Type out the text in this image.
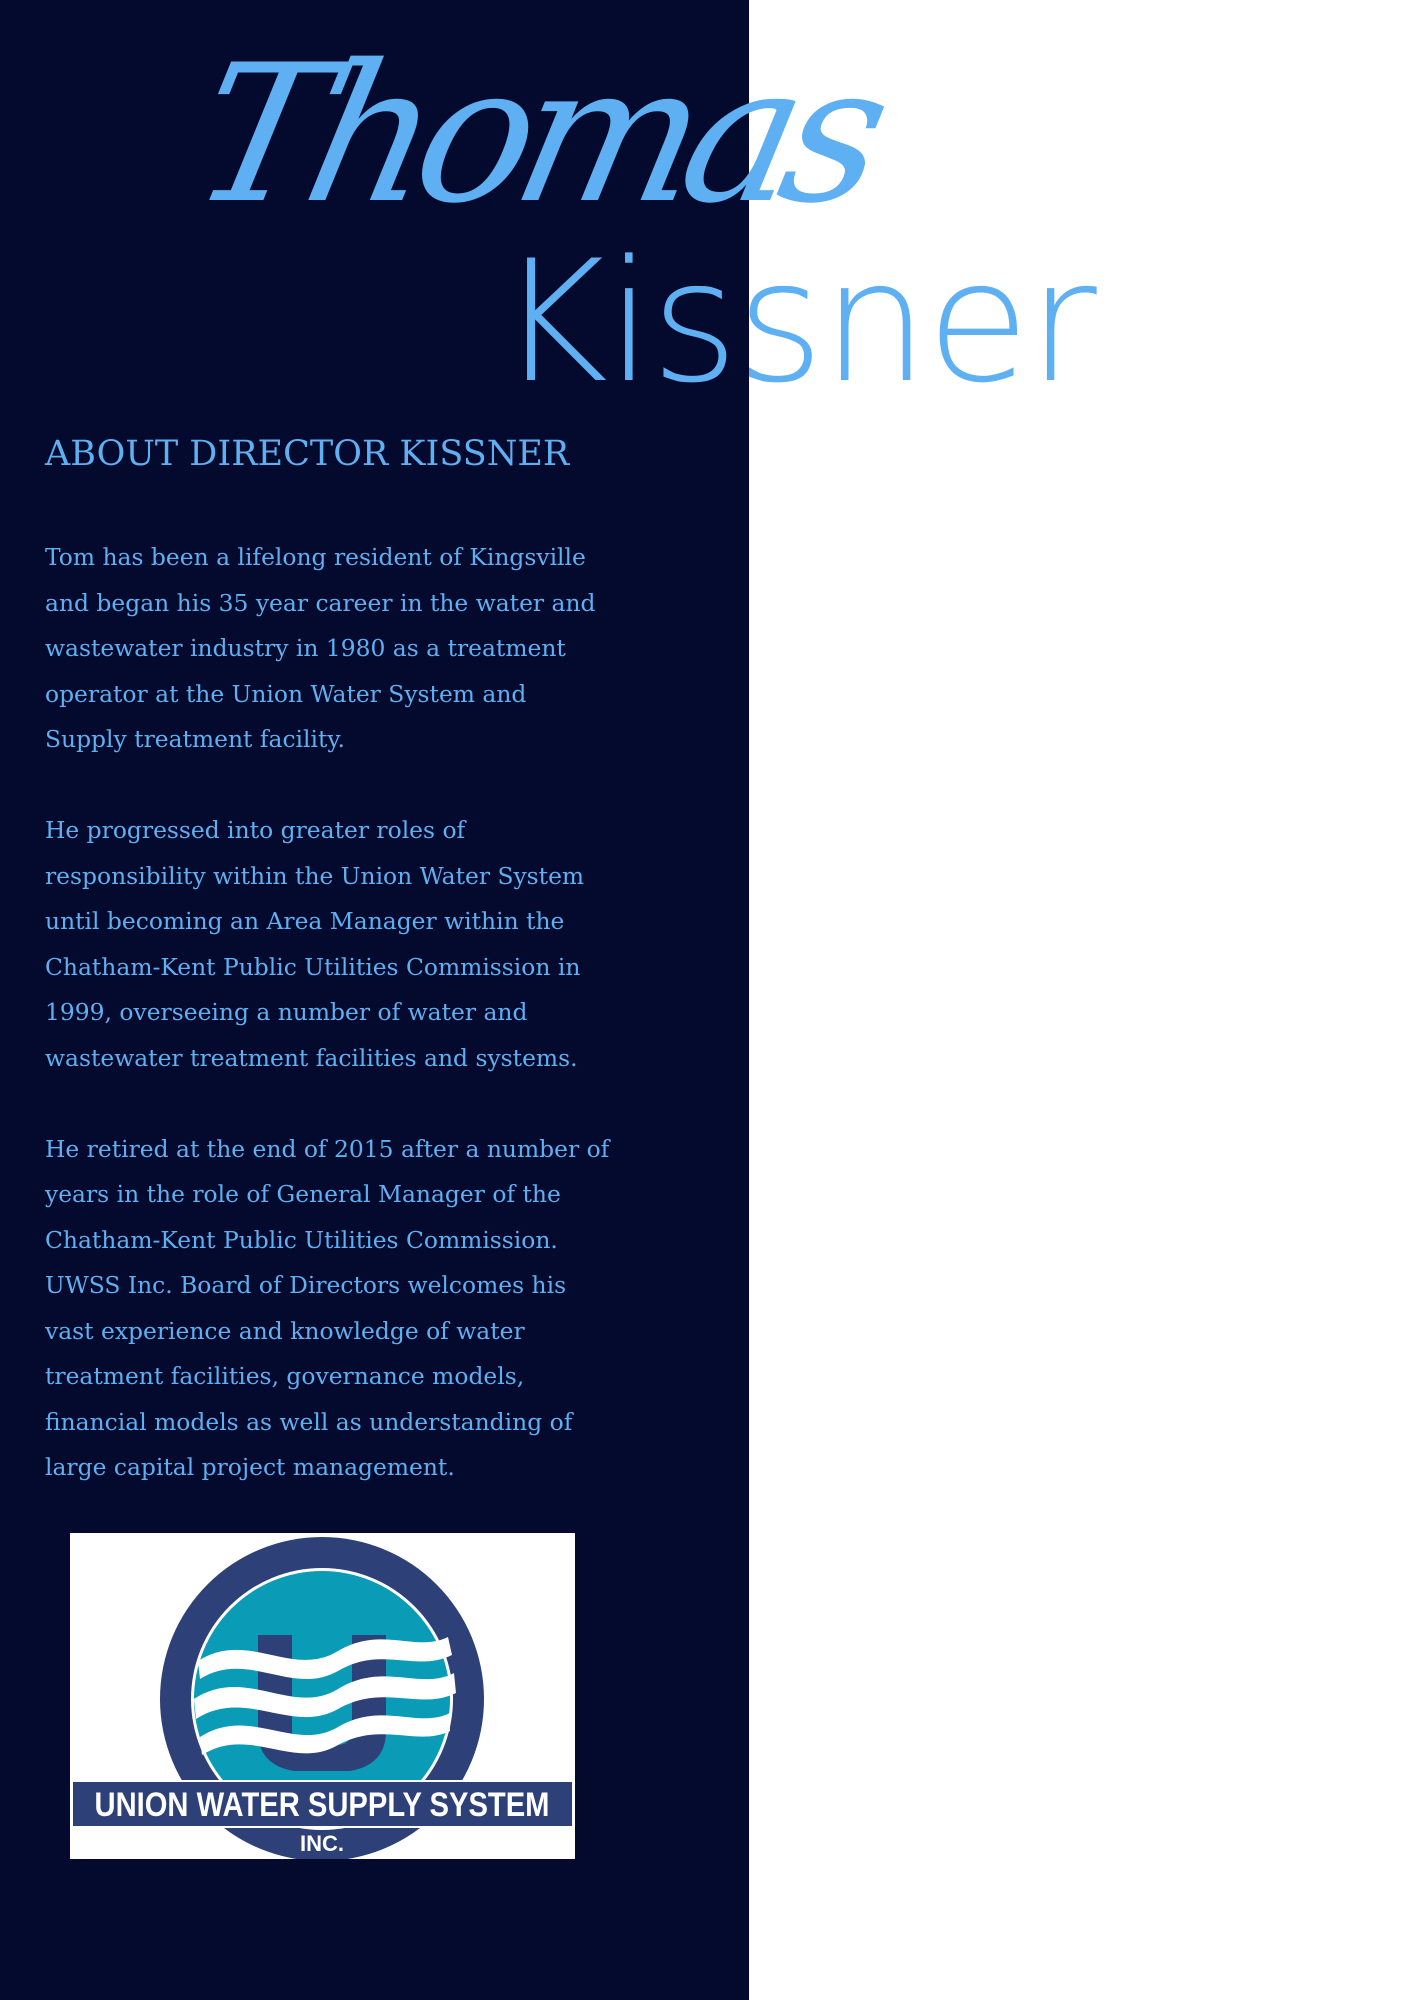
Thomas
Kissner
ABOUT DIRECTOR KISSNER

Tom has been a lifelong resident of Kingsville
and began his 35 year career in the water and
wastewater industry in 1980 as a treatment
operator at the Union Water System and
Supply treatment facility.

He progressed into greater roles of
responsibility within the Union Water System
until becoming an Area Manager within the
Chatham-Kent Public Utilities Commission in
1999, overseeing a number of water and
wastewater treatment facilities and systems.

He retired at the end of 2015 after a number of
years in the role of General Manager of the
Chatham-Kent Public Utilities Commission.
UWSS Inc. Board of Directors welcomes his
vast experience and knowledge of water
treatment facilities, governance models,
financial models as well as understanding of
large capital project management.

UNION WATER SUPPLY SYSTEM
INC.
